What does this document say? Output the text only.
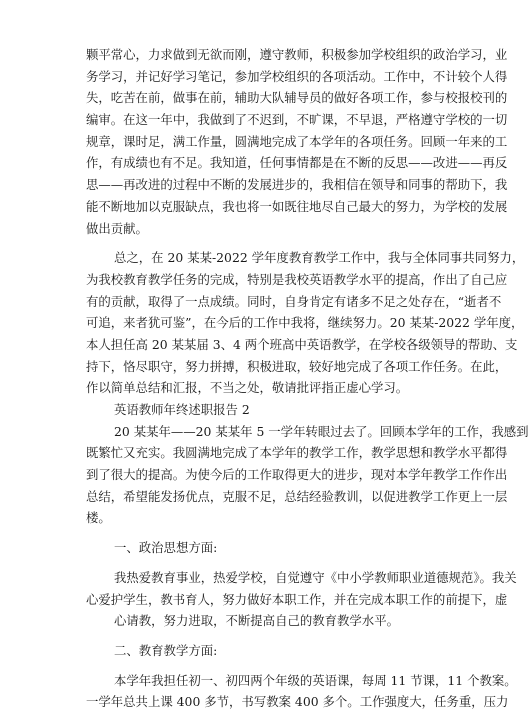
颗平常心，力求做到无欲而刚，遵守教师，积极参加学校组织的政治学习，业
务学习，并记好学习笔记，参加学校组织的各项活动。工作中，不计较个人得
失，吃苦在前，做事在前，辅助大队辅导员的做好各项工作，参与校报校刊的
编审。在这一年中，我做到了不迟到，不旷课，不早退，严格遵守学校的一切
规章，课时足，满工作量，圆满地完成了本学年的各项任务。回顾一年来的工
作，有成绩也有不足。我知道，任何事情都是在不断的反思——改进——再反
思——再改进的过程中不断的发展进步的，我相信在领导和同事的帮助下，我
能不断地加以克服缺点，我也将一如既往地尽自己最大的努力，为学校的发展
做出贡献。
总之，在 20 某某-2022 学年度教育教学工作中，我与全体同事共同努力，
为我校教育教学任务的完成，特别是我校英语教学水平的提高，作出了自己应
有的贡献，取得了一点成绩。同时，自身肯定有诸多不足之处存在，“逝者不
可追，来者犹可鉴”，在今后的工作中我将，继续努力。20 某某-2022 学年度，
本人担任高 20 某某届 3、4 两个班高中英语教学，在学校各级领导的帮助、支
持下，恪尽职守，努力拼搏，积极进取，较好地完成了各项工作任务。在此，
作以简单总结和汇报，不当之处，敬请批评指正虚心学习。
英语教师年终述职报告 2
20 某某年——20 某某年 5 一学年转眼过去了。回顾本学年的工作，我感到
既繁忙又充实。我圆满地完成了本学年的教学工作，教学思想和教学水平都得
到了很大的提高。为使今后的工作取得更大的进步，现对本学年教学工作作出
总结，希望能发扬优点，克服不足，总结经验教训，以促进教学工作更上一层
楼。
一、政治思想方面:
我热爱教育事业，热爱学校，自觉遵守《中小学教师职业道德规范》。我关
心爱护学生，教书育人，努力做好本职工作，并在完成本职工作的前提下，虚
心请教，努力进取，不断提高自己的教育教学水平。
二、教育教学方面:
本学年我担任初一、初四两个年级的英语课，每周 11 节课，11 个教案。
一学年总共上课 400 多节，书写教案 400 多个。工作强度大，任务重，压力
